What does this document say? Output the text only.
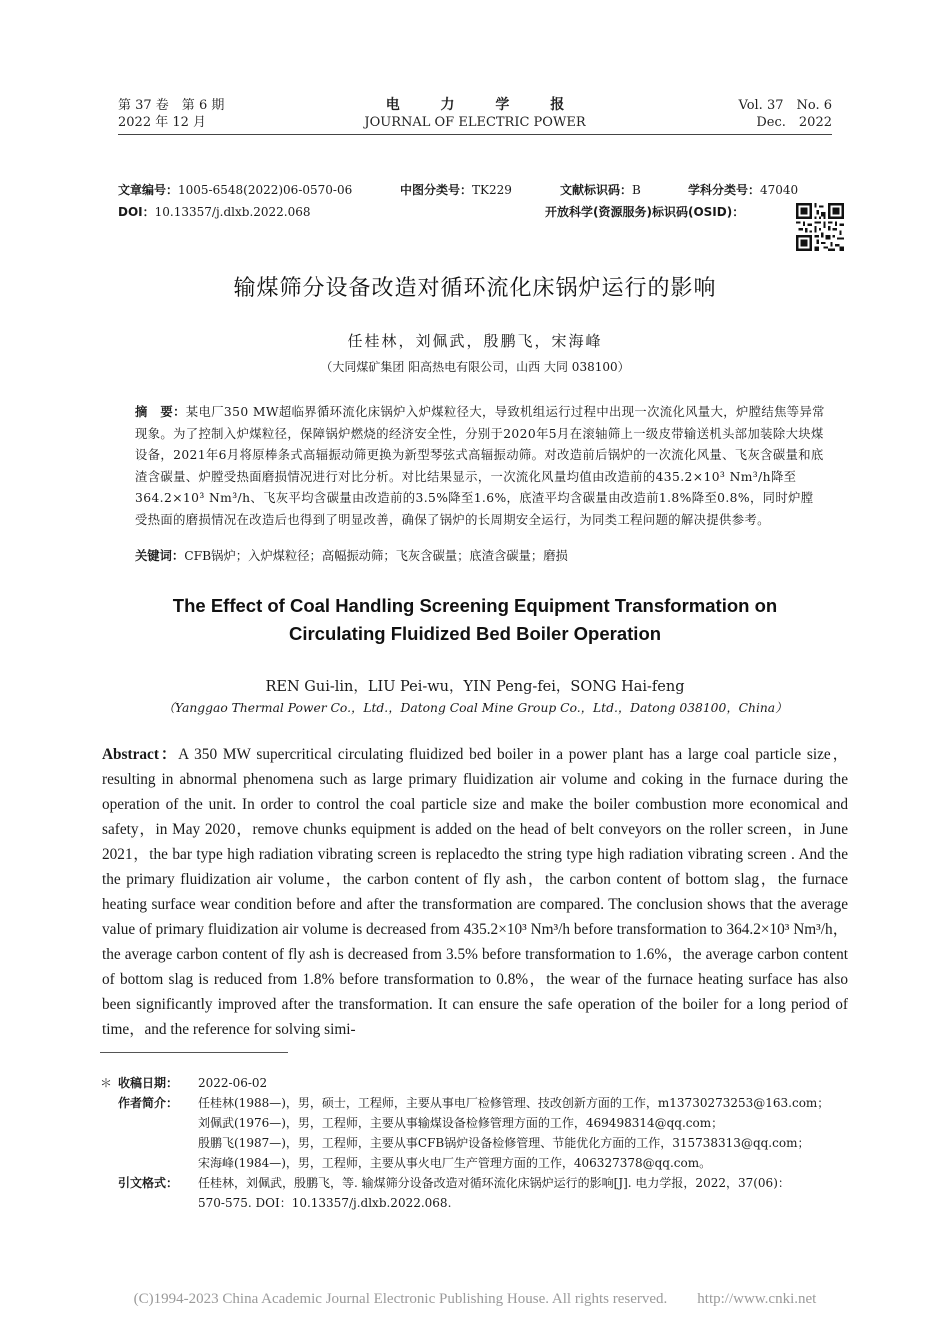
第 37 卷　第 6 期
2022 年 12 月
电 力 学 报
JOURNAL OF ELECTRIC POWER
Vol. 37　No. 6
Dec.　2022
文章编号：1005-6548(2022)06-0570-06	中图分类号：TK229	文献标识码：B	学科分类号：47040
DOI：10.13357/j.dlxb.2022.068	开放科学(资源服务)标识码(OSID)：
输煤筛分设备改造对循环流化床锅炉运行的影响
任桂林，刘佩武，殷鹏飞，宋海峰
（大同煤矿集团 阳高热电有限公司，山西 大同 038100）
摘　要：某电厂350 MW超临界循环流化床锅炉入炉煤粒径大，导致机组运行过程中出现一次流化风量大，炉膛结焦等异常现象。为了控制入炉煤粒径，保障锅炉燃烧的经济安全性，分别于2020年5月在滚轴筛上一级皮带输送机头部加装除大块煤设备，2021年6月将原棒条式高辐振动筛更换为新型琴弦式高辐振动筛。对改造前后锅炉的一次流化风量、飞灰含碳量和底渣含碳量、炉膛受热面磨损情况进行对比分析。对比结果显示，一次流化风量均值由改造前的435.2×10³ Nm³/h降至364.2×10³ Nm³/h、飞灰平均含碳量由改造前的3.5%降至1.6%，底渣平均含碳量由改造前1.8%降至0.8%，同时炉膛受热面的磨损情况在改造后也得到了明显改善，确保了锅炉的长周期安全运行，为同类工程问题的解决提供参考。
关键词：CFB锅炉；入炉煤粒径；高幅振动筛；飞灰含碳量；底渣含碳量；磨损
The Effect of Coal Handling Screening Equipment Transformation on
Circulating Fluidized Bed Boiler Operation
REN Gui-lin，LIU Pei-wu，YIN Peng-fei，SONG Hai-feng
（Yanggao Thermal Power Co.，Ltd.，Datong Coal Mine Group Co.，Ltd.，Datong 038100，China）
Abstract：A 350 MW supercritical circulating fluidized bed boiler in a power plant has a large coal particle size，resulting in abnormal phenomena such as large primary fluidization air volume and coking in the furnace during the operation of the unit. In order to control the coal particle size and make the boiler combustion more economical and safety，in May 2020，remove chunks equipment is added on the head of belt conveyors on the roller screen，in June 2021，the bar type high radiation vibrating screen is replacedto the string type high radiation vibrating screen . And the the primary fluidization air volume，the carbon content of fly ash，the carbon content of bottom slag，the furnace heating surface wear condition before and after the transformation are compared. The conclusion shows that the average value of primary fluidization air volume is decreased from 435.2×10³ Nm³/h before transformation to 364.2×10³ Nm³/h，the average carbon content of fly ash is decreased from 3.5% before transformation to 1.6%，the average carbon content of bottom slag is reduced from 1.8% before transformation to 0.8%，the wear of the furnace heating surface has also been significantly improved after the transformation. It can ensure the safe operation of the boiler for a long period of time，and the reference for solving simi-
＊ 收稿日期：	2022-06-02
作者简介：	任桂林(1988—)，男，硕士，工程师，主要从事电厂检修管理、技改创新方面的工作，m13730273253@163.com；
刘佩武(1976—)，男，工程师，主要从事输煤设备检修管理方面的工作，469498314@qq.com；
殷鹏飞(1987—)，男，工程师，主要从事CFB锅炉设备检修管理、节能优化方面的工作，315738313@qq.com；
宋海峰(1984—)，男，工程师，主要从事火电厂生产管理方面的工作，406327378@qq.com。
引文格式：	任桂林，刘佩武，殷鹏飞，等. 输煤筛分设备改造对循环流化床锅炉运行的影响[J]. 电力学报，2022，37(06)：
570-575. DOI：10.13357/j.dlxb.2022.068.
(C)1994-2023 China Academic Journal Electronic Publishing House. All rights reserved.　　http://www.cnki.net
